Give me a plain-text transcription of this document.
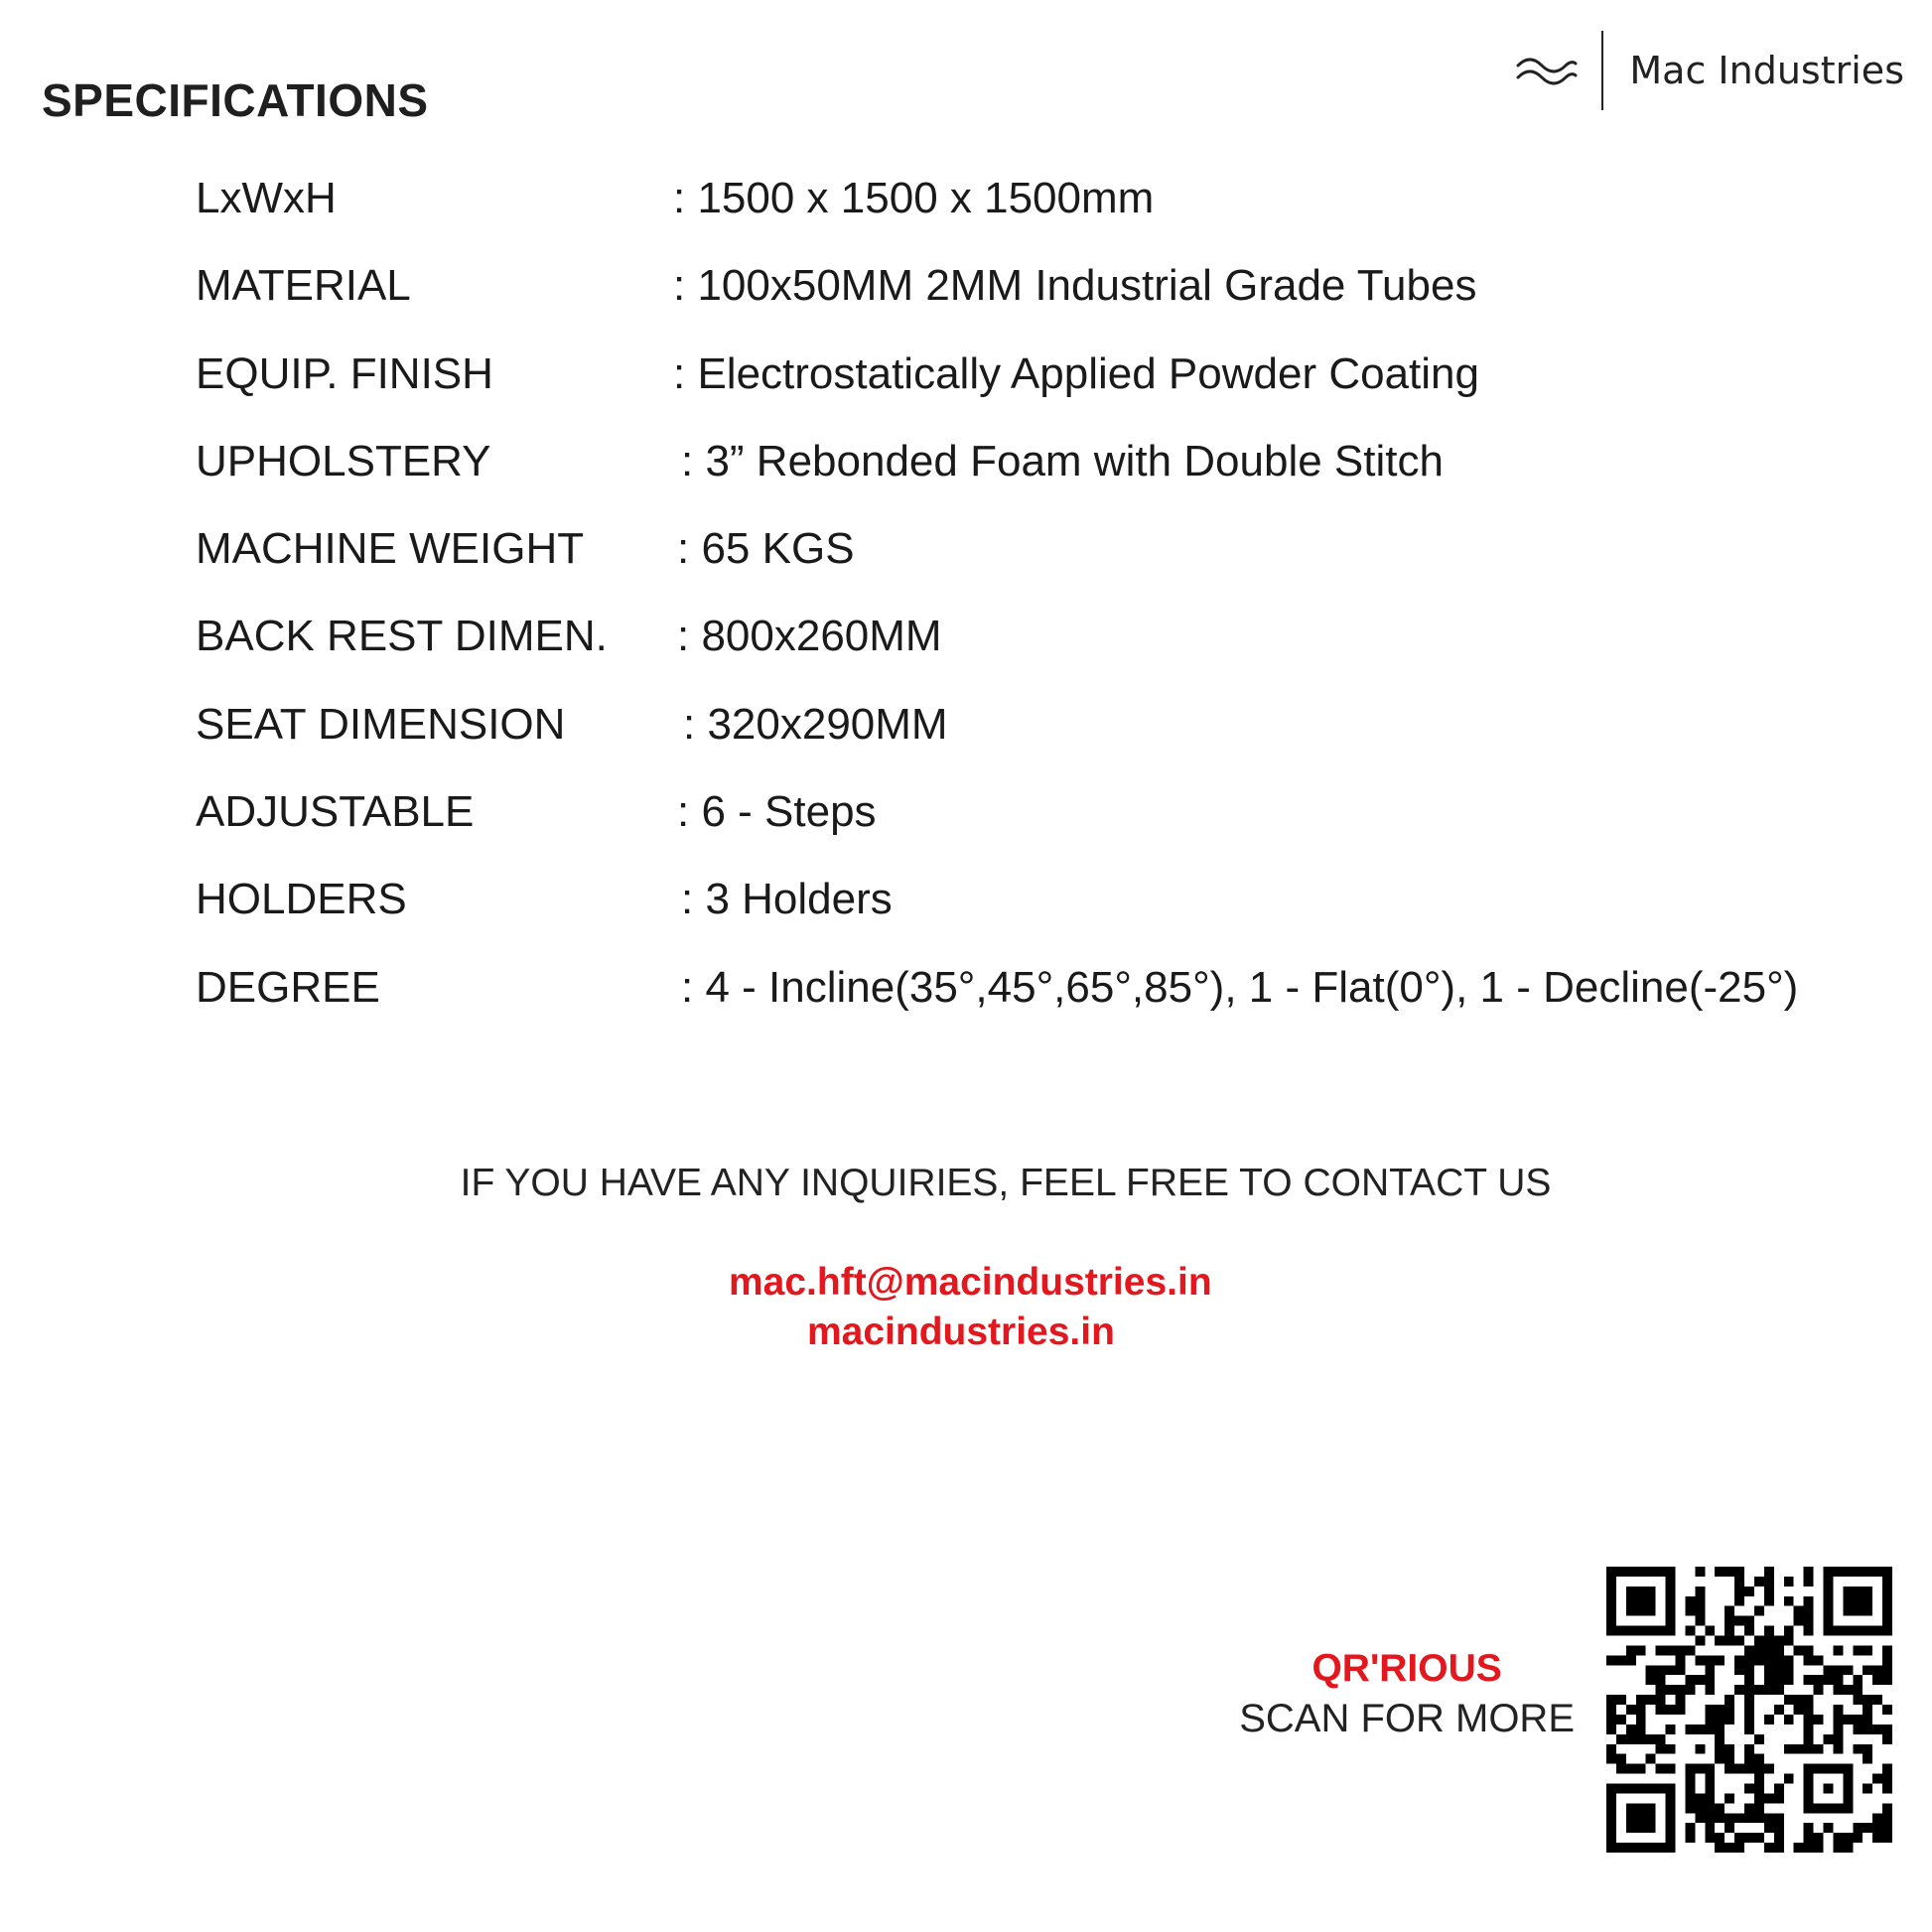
SPECIFICATIONS
Mac Industries
LxWxH	: 1500 x 1500 x 1500mm
MATERIAL	: 100x50MM 2MM Industrial Grade Tubes
EQUIP. FINISH	: Electrostatically Applied Powder Coating
UPHOLSTERY	: 3” Rebonded Foam with Double Stitch
MACHINE WEIGHT : 65 KGS
BACK REST DIMEN. : 800x260MM
SEAT DIMENSION	: 320x290MM
ADJUSTABLE	: 6 - Steps
HOLDERS	: 3 Holders
DEGREE	: 4 - Incline(35°,45°,65°,85°), 1 - Flat(0°), 1 - Decline(-25°)
IF YOU HAVE ANY INQUIRIES, FEEL FREE TO CONTACT US
mac.hft@macindustries.in
macindustries.in
QR'RIOUS
SCAN FOR MORE
